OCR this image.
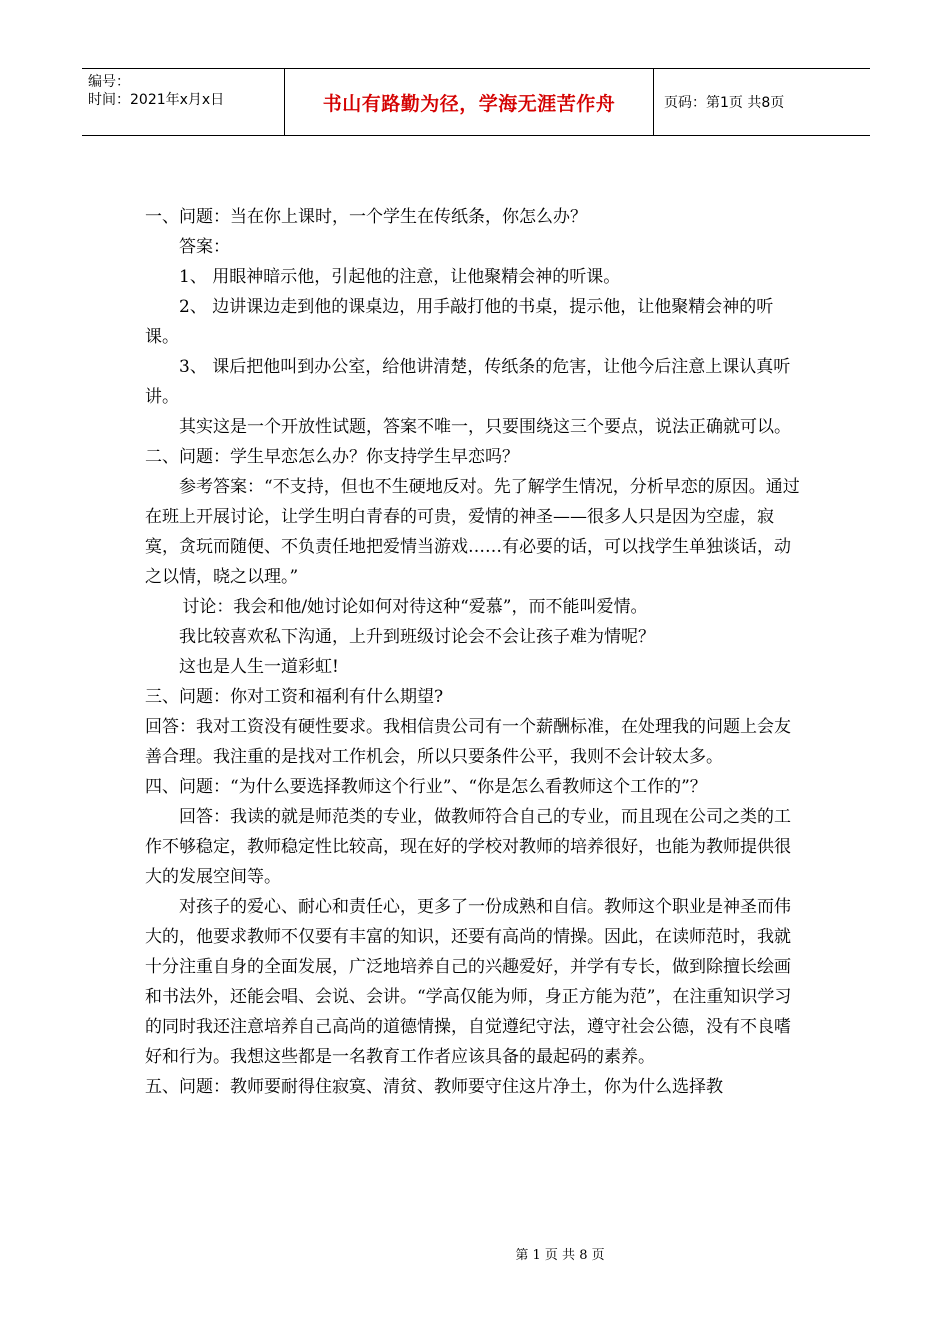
编号：
时间：2021年x月x日	书山有路勤为径，学海无涯苦作舟	页码：第1页 共8页

一、问题：当在你上课时，一个学生在传纸条，你怎么办？

答案：

1、 用眼神暗示他，引起他的注意，让他聚精会神的听课。

2、 边讲课边走到他的课桌边，用手敲打他的书桌，提示他，让他聚精会神的听课。

3、 课后把他叫到办公室，给他讲清楚，传纸条的危害，让他今后注意上课认真听讲。

其实这是一个开放性试题，答案不唯一，只要围绕这三个要点，说法正确就可以。

二、问题：学生早恋怎么办？你支持学生早恋吗？

参考答案：“不支持，但也不生硬地反对。先了解学生情况，分析早恋的原因。通过在班上开展讨论，让学生明白青春的可贵，爱情的神圣——很多人只是因为空虚，寂寞，贪玩而随便、不负责任地把爱情当游戏……有必要的话，可以找学生单独谈话，动之以情，晓之以理。”

讨论：我会和他/她讨论如何对待这种“爱慕”，而不能叫爱情。

我比较喜欢私下沟通，上升到班级讨论会不会让孩子难为情呢？

这也是人生一道彩虹!

三、问题：你对工资和福利有什么期望?

回答：我对工资没有硬性要求。我相信贵公司有一个薪酬标准，在处理我的问题上会友善合理。我注重的是找对工作机会，所以只要条件公平，我则不会计较太多。

四、问题：“为什么要选择教师这个行业”、“你是怎么看教师这个工作的”？

回答：我读的就是师范类的专业，做教师符合自己的专业，而且现在公司之类的工作不够稳定，教师稳定性比较高，现在好的学校对教师的培养很好，也能为教师提供很大的发展空间等。

对孩子的爱心、耐心和责任心，更多了一份成熟和自信。教师这个职业是神圣而伟大的，他要求教师不仅要有丰富的知识，还要有高尚的情操。因此，在读师范时，我就十分注重自身的全面发展，广泛地培养自己的兴趣爱好，并学有专长，做到除擅长绘画和书法外，还能会唱、会说、会讲。“学高仅能为师，身正方能为范”，在注重知识学习的同时我还注意培养自己高尚的道德情操，自觉遵纪守法，遵守社会公德，没有不良嗜好和行为。我想这些都是一名教育工作者应该具备的最起码的素养。

五、问题：教师要耐得住寂寞、清贫、教师要守住这片净土，你为什么选择教

第 1 页 共 8 页
